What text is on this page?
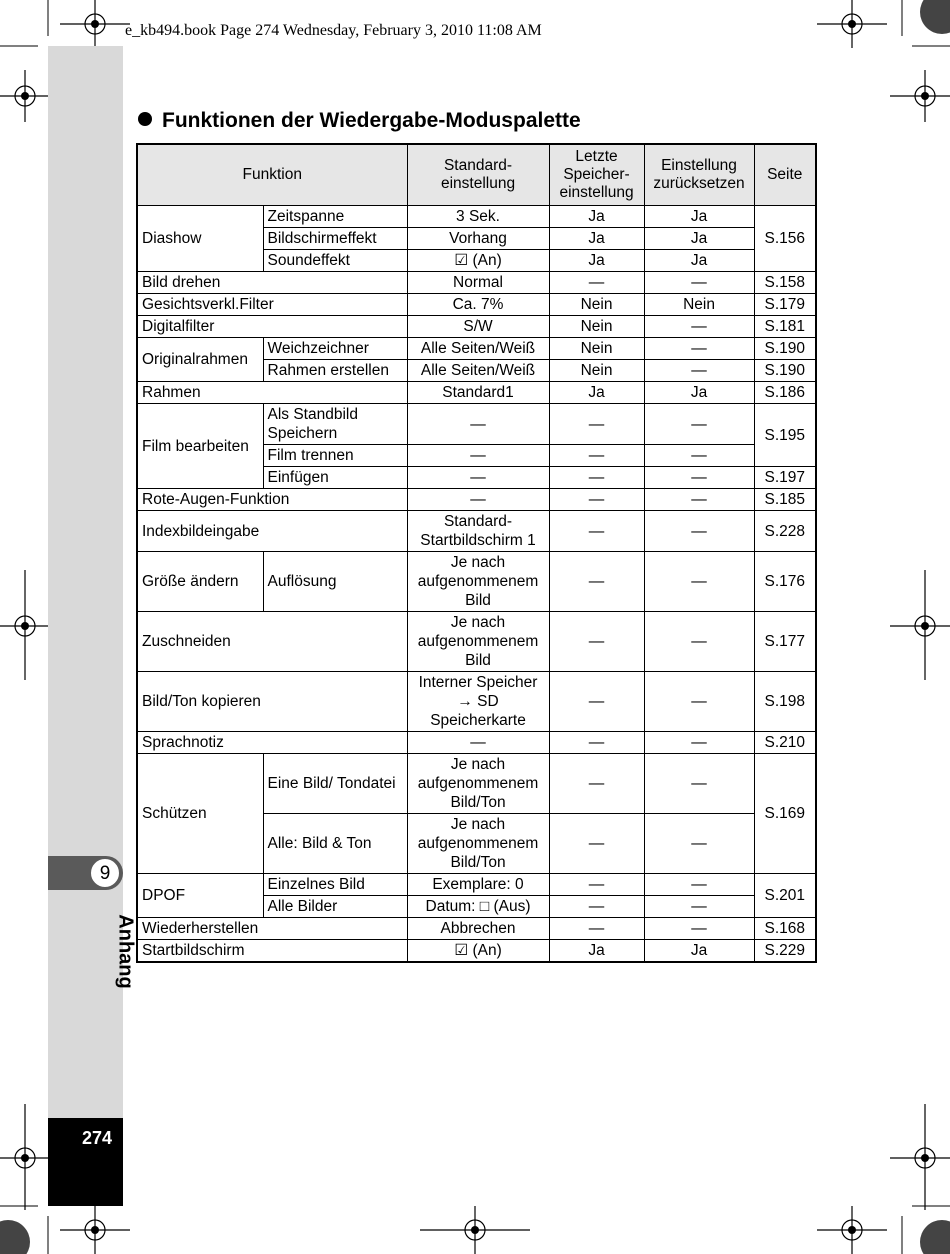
e_kb494.book Page 274 Wednesday, February 3, 2010 11:08 AM
9
Anhang
274
Funktionen der Wiedergabe-Moduspalette
Funktion		Standard-einstellung	Letzte Speicher-einstellung	Einstellung zurücksetzen	Seite
Diashow	Zeitspanne	3 Sek.	Ja	Ja	S.156
	Bildschirmeffekt	Vorhang	Ja	Ja	
	Soundeffekt	☑ (An)	Ja	Ja	
Bild drehen		Normal	—	—	S.158
Gesichtsverkl.Filter		Ca. 7%	Nein	Nein	S.179
Digitalfilter		S/W	Nein	—	S.181
Originalrahmen	Weichzeichner	Alle Seiten/Weiß	Nein	—	S.190
	Rahmen erstellen	Alle Seiten/Weiß	Nein	—	S.190
Rahmen		Standard1	Ja	Ja	S.186
Film bearbeiten	Als Standbild Speichern	—	—	—	S.195
	Film trennen	—	—	—	
	Einfügen	—	—	—	S.197
Rote-Augen-Funktion		—	—	—	S.185
Indexbildeingabe		Standard-Startbildschirm 1	—	—	S.228
Größe ändern	Auflösung	Je nach aufgenommenem Bild	—	—	S.176
Zuschneiden		Je nach aufgenommenem Bild	—	—	S.177
Bild/Ton kopieren		Interner Speicher → SD Speicherkarte	—	—	S.198
Sprachnotiz		—	—	—	S.210
Schützen	Eine Bild/ Tondatei	Je nach aufgenommenem Bild/Ton	—	—	S.169
	Alle: Bild & Ton	Je nach aufgenommenem Bild/Ton	—	—	
DPOF	Einzelnes Bild	Exemplare: 0	—	—	S.201
	Alle Bilder	Datum: □ (Aus)	—	—	
Wiederherstellen		Abbrechen	—	—	S.168
Startbildschirm		☑ (An)	Ja	Ja	S.229
